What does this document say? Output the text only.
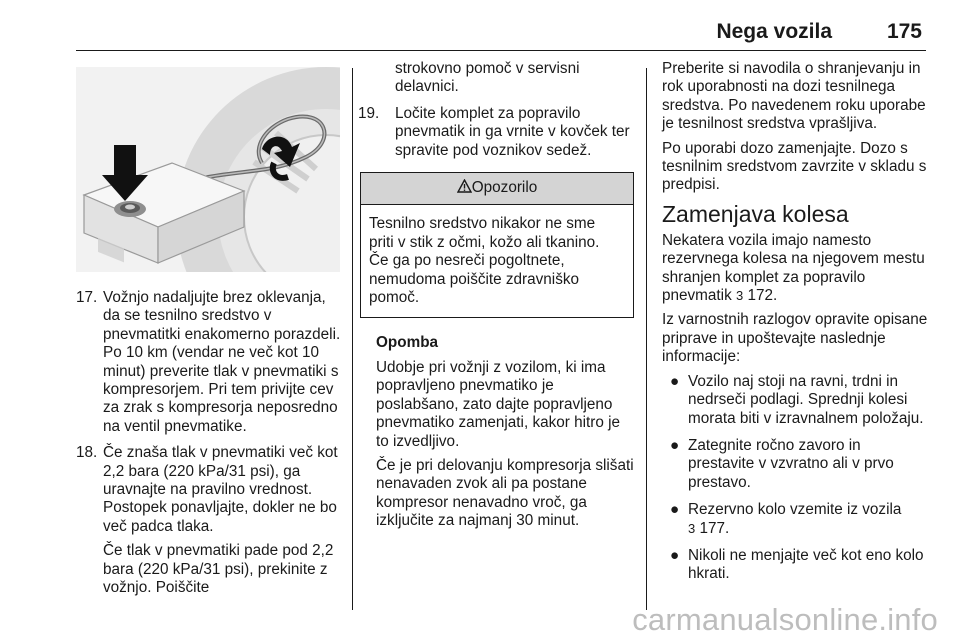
Nega vozila	175
17. Vožnjo nadaljujte brez oklevanja, da se tesnilno sredstvo v pnevmatitki enakomerno porazdeli. Po 10 km (vendar ne več kot 10 minut) preverite tlak v pnevmatiki s kompresorjem. Pri tem privijte cev za zrak s kompresorja neposredno na ventil pnevmatike.

18. Če znaša tlak v pnevmatiki več kot 2,2 bara (220 kPa/31 psi), ga uravnajte na pravilno vrednost. Postopek ponavljajte, dokler ne bo več padca tlaka.

Če tlak v pnevmatiki pade pod 2,2 bara (220 kPa/31 psi), prekinite z vožnjo. Poiščite

strokovno pomoč v servisni delavnici.

19. Ločite komplet za popravilo pnevmatik in ga vrnite v kovček ter spravite pod voznikov sedež.

Opozorilo
Tesnilno sredstvo nikakor ne sme priti v stik z očmi, kožo ali tkanino. Če ga po nesreči pogoltnete, nemudoma poiščite zdravniško pomoč.

Opomba

Udobje pri vožnji z vozilom, ki ima popravljeno pnevmatiko je poslabšano, zato dajte popravljeno pnevmatiko zamenjati, kakor hitro je to izvedljivo.

Če je pri delovanju kompresorja slišati nenavaden zvok ali pa postane kompresor nenavadno vroč, ga izključite za najmanj 30 minut.

Preberite si navodila o shranjevanju in rok uporabnosti na dozi tesnilnega sredstva. Po navedenem roku uporabe je tesnilnost sredstva vprašljiva.

Po uporabi dozo zamenjajte. Dozo s tesnilnim sredstvom zavrzite v skladu s predpisi.

Zamenjava kolesa

Nekatera vozila imajo namesto rezervnega kolesa na njegovem mestu shranjen komplet za popravilo pnevmatik 3 172.

Iz varnostnih razlogov opravite opisane priprave in upoštevajte naslednje informacije:

● Vozilo naj stoji na ravni, trdni in nedrseči podlagi. Sprednji kolesi morata biti v izravnalnem položaju.
● Zategnite ročno zavoro in prestavite v vzvratno ali v prvo prestavo.
● Rezervno kolo vzemite iz vozila
3 177.
● Nikoli ne menjajte več kot eno kolo hkrati.
carmanualsonline.info
